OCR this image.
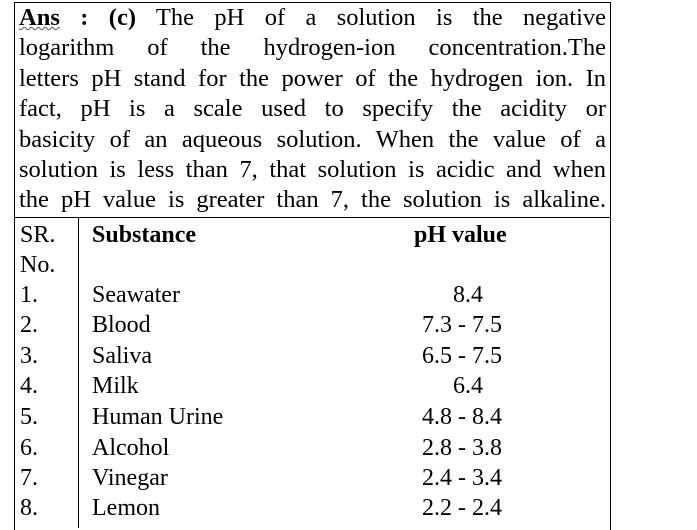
Ans : (c) The pH of a solution is the negative
logarithm of the hydrogen-ion concentration.The
letters pH stand for the power of the hydrogen ion. In
fact, pH is a scale used to specify the acidity or
basicity of an aqueous solution. When the value of a
solution is less than 7, that solution is acidic and when
the pH value is greater than 7, the solution is alkaline.
SR.
No.
Substance	pH value
1. Seawater	8.4
2. Blood	7.3 - 7.5
3. Saliva	6.5 - 7.5
4. Milk	6.4
5. Human Urine	4.8 - 8.4
6. Alcohol	2.8 - 3.8
7. Vinegar	2.4 - 3.4
8. Lemon	2.2 - 2.4
